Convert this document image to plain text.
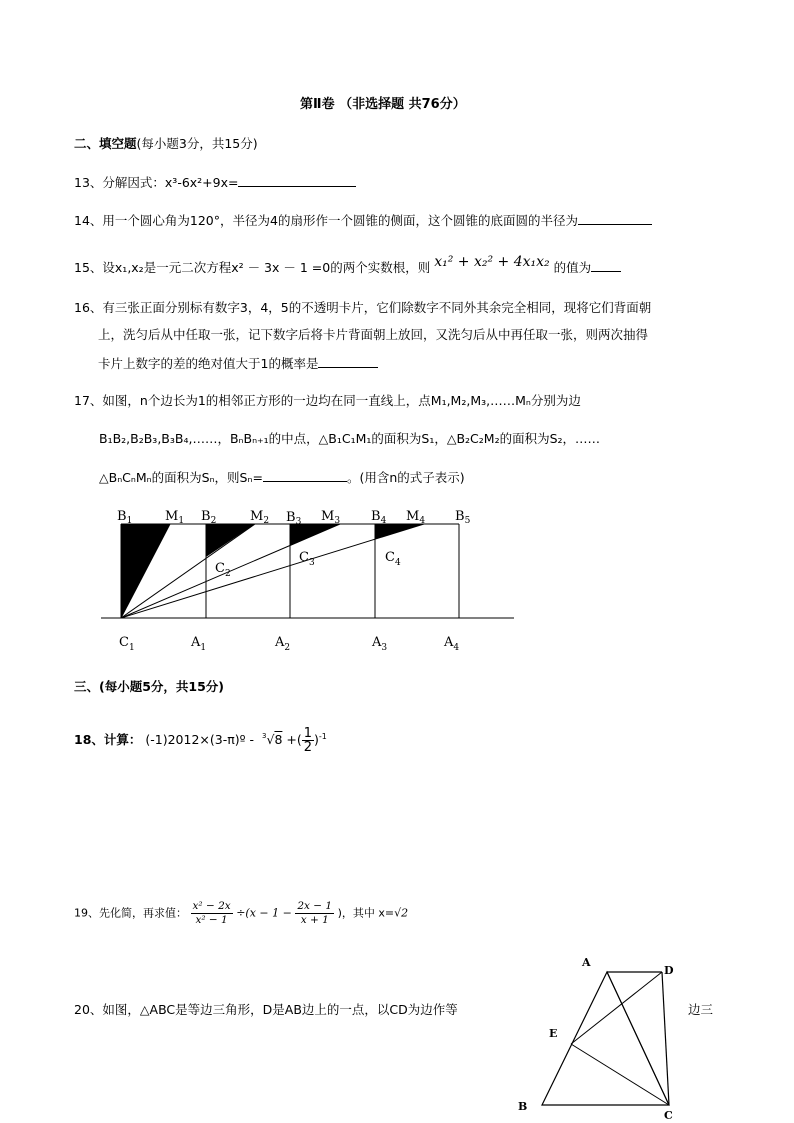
第Ⅱ卷 （非选择题 共76分）
二、填空题(每小题3分，共15分)
13、分解因式：x³-6x²+9x=
14、用一个圆心角为120°，半径为4的扇形作一个圆锥的侧面，这个圆锥的底面圆的半径为
15、设x₁,x₂是一元二次方程x² － 3x － 1 =0的两个实数根，则 x₁² + x₂² + 4x₁x₂ 的值为
16、有三张正面分别标有数字3，4，5的不透明卡片，它们除数字不同外其余完全相同，现将它们背面朝
上，洗匀后从中任取一张，记下数字后将卡片背面朝上放回，又洗匀后从中再任取一张，则两次抽得
卡片上数字的差的绝对值大于1的概率是
17、如图，n个边长为1的相邻正方形的一边均在同一直线上，点M₁,M₂,M₃,……Mₙ分别为边
B₁B₂,B₂B₃,B₃B₄,……，BₙBₙ₊₁的中点，△B₁C₁M₁的面积为S₁，△B₂C₂M₂的面积为S₂，……
△BₙCₙMₙ的面积为Sₙ，则Sₙ=	。(用含n的式子表示)
$B_1$	$M_1$ $B_2$	$M_2$ $B_3$ $M_3$ $B_4$ $M_4$ $B_5$
$C_2$
$C_3$	$C_4$
$C_1$	$A_1$	$A_2$	$A_3$	$A_4$
三、(每小题5分，共15分)
18、计算： (-1)2012×(3-π)º - $^3$√8 +( $\frac{1}{2} )^{-1}$
19、先化简，再求值： $\frac{\text{x² − 2x}}{\text{x² − 1}} \div(x - 1 - \frac{2x - 1}{x + 1}$ )，其中 x=√2
20、如图，△ABC是等边三角形，D是AB边上的一点，以CD为边作等	边三
A
D
E
B
C
